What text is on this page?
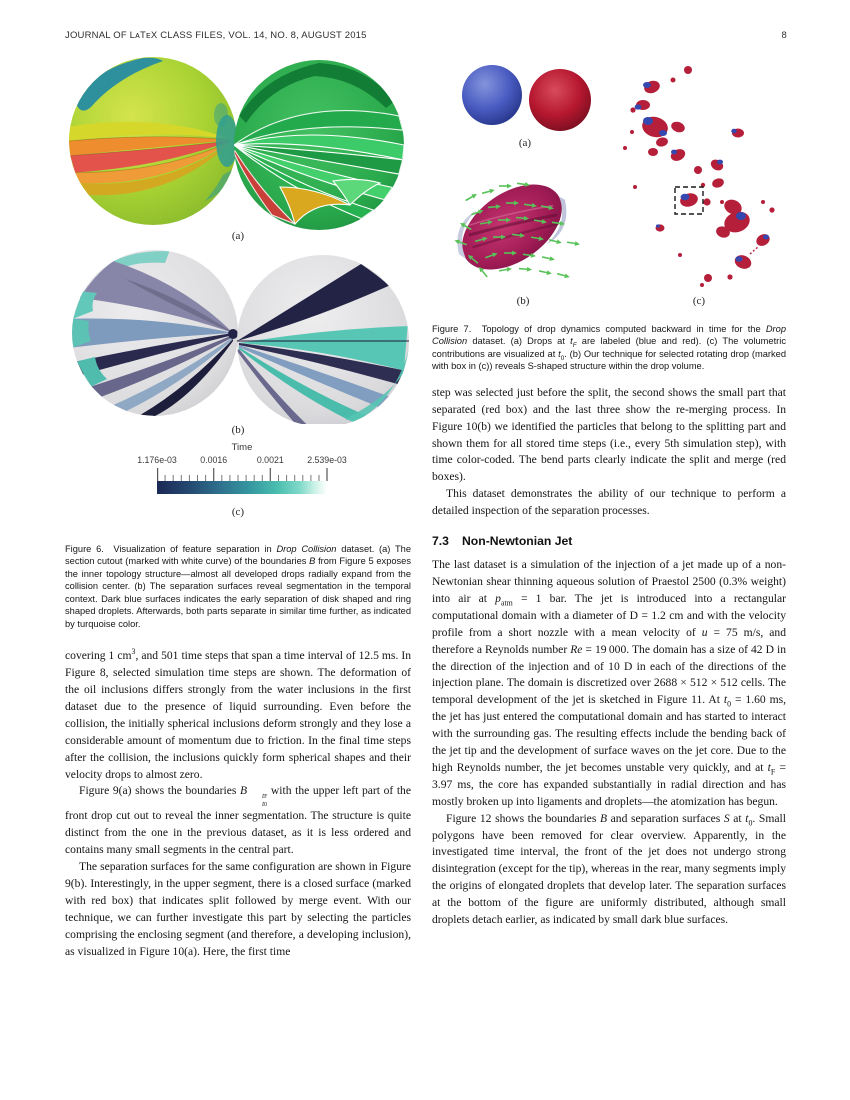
JOURNAL OF LᴀTᴇX CLASS FILES, VOL. 14, NO. 8, AUGUST 2015	8
(a)
(b)
Time
1.176e-03	0.0016	0.0021	2.539e-03
(c)
Figure 6.  Visualization of feature separation in Drop Collision dataset. (a) The section cutout (marked with white curve) of the boundaries B from Figure 5 exposes the inner topology structure—almost all developed drops radially expand from the collision center. (b) The separation surfaces reveal segmentation in the temporal context. Dark blue surfaces indicates the early separation of disk shaped and ring shaped droplets. Afterwards, both parts separate in similar time further, as indicated by turquoise color.

covering 1 $cm^3$, and 501 time steps that span a time interval of 12.5 ms. In Figure 8, selected simulation time steps are shown. The deformation of the oil inclusions differs strongly from the water inclusions in the first dataset due to the presence of liquid surrounding. Even before the collision, the initially spherical inclusions deform strongly and they lose a considerable amount of momentum due to friction. In the final time steps after the collision, the inclusions quickly form spherical shapes and their velocity drops to almost zero.

Figure 9(a) shows the boundaries B	tF
t0
with the upper left part of the front drop cut out to reveal the inner segmentation. The structure is quite distinct from the one in the previous dataset, as it is less ordered and contains many small segments in the central part.

The separation surfaces for the same configuration are shown in Figure 9(b). Interestingly, in the upper segment, there is a closed surface (marked with red box) that indicates split followed by merge event. With our technique, we can further investigate this part by selecting the particles comprising the enclosing segment (and therefore, a developing inclusion), as visualized in Figure 10(a). Here, the first time

(a)
(b)	(c)
Figure 7.  Topology of drop dynamics computed backward in time for the Drop Collision dataset. (a) Drops at $t_F$ are labeled (blue and red). (c) The volumetric contributions are visualized at $t_0$. (b) Our technique for selected rotating drop (marked with box in (c)) reveals S-shaped structure within the drop volume.

step was selected just before the split, the second shows the small part that separated (red box) and the last three show the re-merging process. In Figure 10(b) we identified the particles that belong to the splitting part and shown them for all stored time steps (i.e., every 5th simulation step), with time color-coded. The bend parts clearly indicate the split and merge (red boxes).

This dataset demonstrates the ability of our technique to perform a detailed inspection of the separation processes.

7.3 Non-Newtonian Jet

The last dataset is a simulation of the injection of a jet made up of a non-Newtonian shear thinning aqueous solution of Praestol 2500 (0.3% weight) into air at $p_{atm} = 1$ bar. The jet is introduced into a rectangular computational domain with a diameter of D = 1.2 cm and with the velocity profile from a short nozzle with a mean velocity of u = 75 m/s, and therefore a Reynolds number Re = 19 000. The domain has a size of 42 D in the direction of the injection and of 10 D in each of the directions of the injection plane. The domain is discretized over 2688 × 512 × 512 cells. The temporal development of the jet is sketched in Figure 11. At $t_0 = 1.60$ ms, the jet has just entered the computational domain and has started to interact with the surrounding gas. The resulting effects include the bending back of the jet tip and the development of surface waves on the jet core. Due to the high Reynolds number, the jet becomes unstable very quickly, and at $t_F = 3.97$ ms, the core has expanded substantially in radial direction and has mostly broken up into ligaments and droplets—the atomization has begun.

Figure 12 shows the boundaries B and separation surfaces S at $t_0$. Small polygons have been removed for clear overview. Apparently, in the investigated time interval, the front of the jet does not undergo strong disintegration (except for the tip), whereas in the rear, many segments imply the origins of elongated droplets that develop later. The separation surfaces at the bottom of the figure are uniformly distributed, although small droplets detach earlier, as indicated by small dark blue surfaces.
